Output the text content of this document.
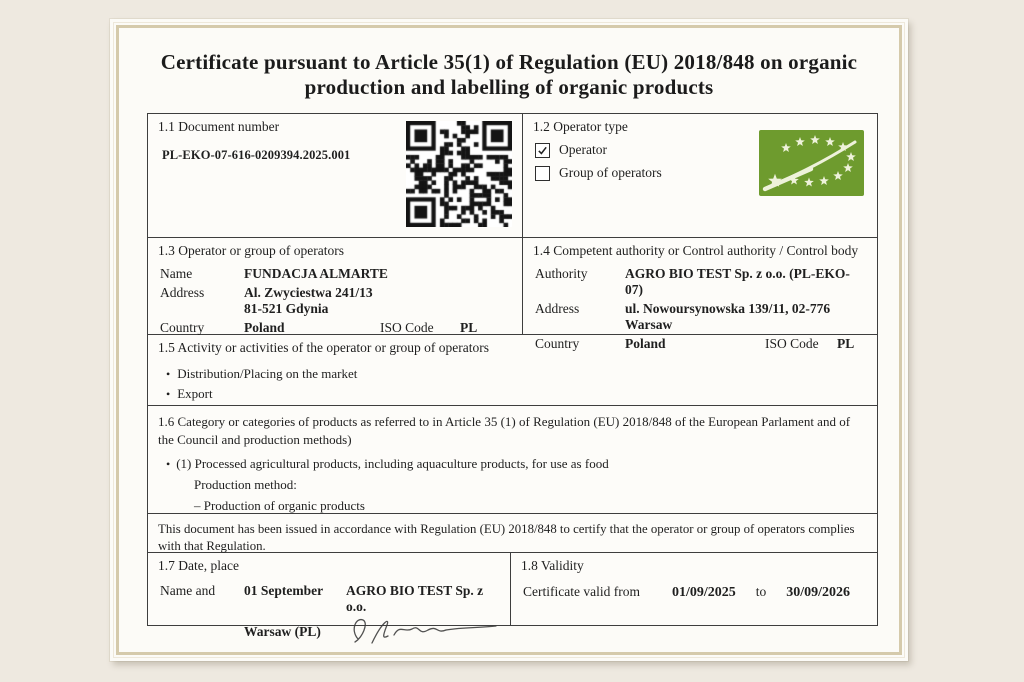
Certificate pursuant to Article 35(1) of Regulation (EU) 2018/848 on organic
production and labelling of organic products
1.1 Document number
PL-EKO-07-616-0209394.2025.001
1.2 Operator type
Operator
Group of operators
1.3 Operator or group of operators
Name	FUNDACJA ALMARTE
Address	Al. Zwyciestwa 241/13
81-521 Gdynia
Country	Poland	ISO Code	PL
1.4 Competent authority or Control authority / Control body
Authority	AGRO BIO TEST Sp. z o.o. (PL-EKO-07)
Address	ul. Nowoursynowska 139/11, 02-776 Warsaw
Country	Poland	ISO Code	PL
1.5 Activity or activities of the operator or group of operators
• Distribution/Placing on the market
• Export
1.6 Category or categories of products as referred to in Article 35 (1) of Regulation (EU) 2018/848 of the European Parlament and of the Council and production methods)
• (1) Processed agricultural products, including aquaculture products, for use as food
Production method:
– Production of organic products
This document has been issued in accordance with Regulation (EU) 2018/848 to certify that the operator or group of operators complies with that Regulation.
1.7 Date, place
Name and	01 September	AGRO BIO TEST Sp. z o.o.
Warsaw (PL)
1.8 Validity
Certificate valid from 01/09/2025 to 30/09/2026
